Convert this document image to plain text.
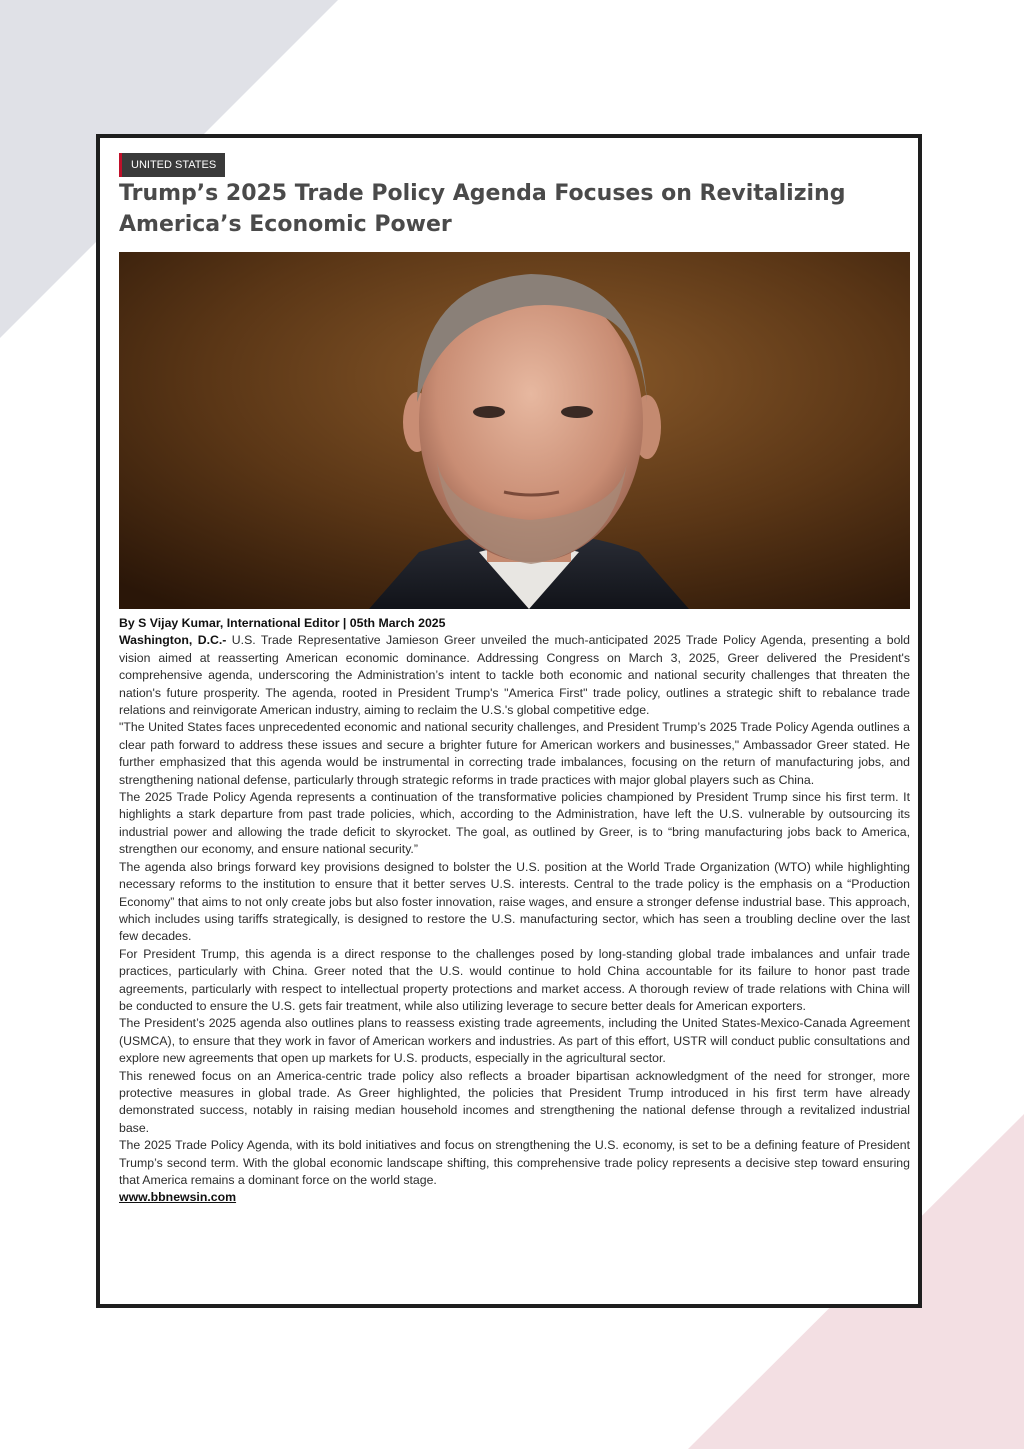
UNITED STATES
Trump’s 2025 Trade Policy Agenda Focuses on Revitalizing America’s Economic Power

By S Vijay Kumar, International Editor | 05th March 2025

Washington, D.C.- U.S. Trade Representative Jamieson Greer unveiled the much-anticipated 2025 Trade Policy Agenda, presenting a bold vision aimed at reasserting American economic dominance. Addressing Congress on March 3, 2025, Greer delivered the President's comprehensive agenda, underscoring the Administration’s intent to tackle both economic and national security challenges that threaten the nation's future prosperity. The agenda, rooted in President Trump's "America First" trade policy, outlines a strategic shift to rebalance trade relations and reinvigorate American industry, aiming to reclaim the U.S.'s global competitive edge.

"The United States faces unprecedented economic and national security challenges, and President Trump’s 2025 Trade Policy Agenda outlines a clear path forward to address these issues and secure a brighter future for American workers and businesses," Ambassador Greer stated. He further emphasized that this agenda would be instrumental in correcting trade imbalances, focusing on the return of manufacturing jobs, and strengthening national defense, particularly through strategic reforms in trade practices with major global players such as China.

The 2025 Trade Policy Agenda represents a continuation of the transformative policies championed by President Trump since his first term. It highlights a stark departure from past trade policies, which, according to the Administration, have left the U.S. vulnerable by outsourcing its industrial power and allowing the trade deficit to skyrocket. The goal, as outlined by Greer, is to “bring manufacturing jobs back to America, strengthen our economy, and ensure national security.”

The agenda also brings forward key provisions designed to bolster the U.S. position at the World Trade Organization (WTO) while highlighting necessary reforms to the institution to ensure that it better serves U.S. interests. Central to the trade policy is the emphasis on a “Production Economy” that aims to not only create jobs but also foster innovation, raise wages, and ensure a stronger defense industrial base. This approach, which includes using tariffs strategically, is designed to restore the U.S. manufacturing sector, which has seen a troubling decline over the last few decades.

For President Trump, this agenda is a direct response to the challenges posed by long-standing global trade imbalances and unfair trade practices, particularly with China. Greer noted that the U.S. would continue to hold China accountable for its failure to honor past trade agreements, particularly with respect to intellectual property protections and market access. A thorough review of trade relations with China will be conducted to ensure the U.S. gets fair treatment, while also utilizing leverage to secure better deals for American exporters.

The President’s 2025 agenda also outlines plans to reassess existing trade agreements, including the United States-Mexico-Canada Agreement (USMCA), to ensure that they work in favor of American workers and industries. As part of this effort, USTR will conduct public consultations and explore new agreements that open up markets for U.S. products, especially in the agricultural sector.

This renewed focus on an America-centric trade policy also reflects a broader bipartisan acknowledgment of the need for stronger, more protective measures in global trade. As Greer highlighted, the policies that President Trump introduced in his first term have already demonstrated success, notably in raising median household incomes and strengthening the national defense through a revitalized industrial base.

The 2025 Trade Policy Agenda, with its bold initiatives and focus on strengthening the U.S. economy, is set to be a defining feature of President Trump’s second term. With the global economic landscape shifting, this comprehensive trade policy represents a decisive step toward ensuring that America remains a dominant force on the world stage.

www.bbnewsin.com
